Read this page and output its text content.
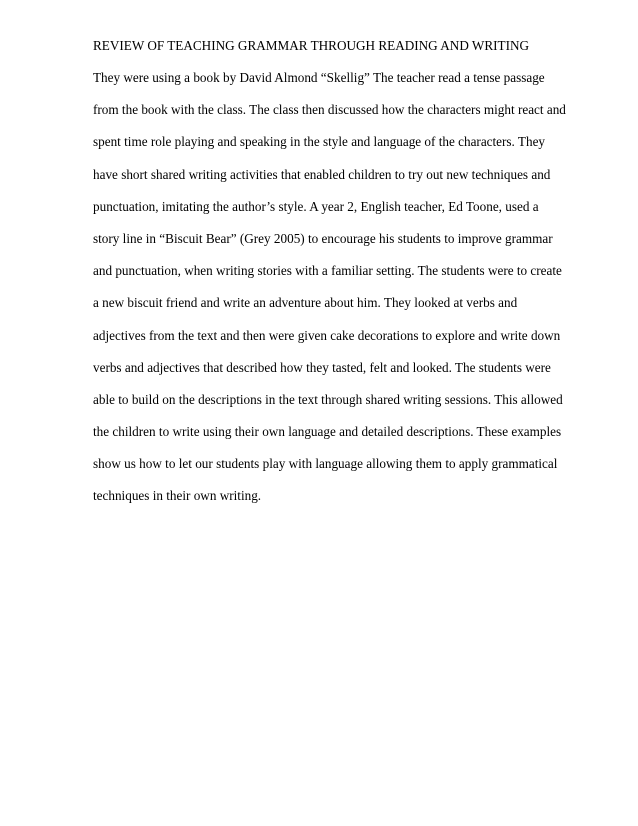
REVIEW OF TEACHING GRAMMAR THROUGH READING AND WRITING
They were using a book by David Almond “Skellig” The teacher read a tense passage
from the book with the class. The class then discussed how the characters might react and
spent time role playing and speaking in the style and language of the characters. They
have short shared writing activities that enabled children to try out new techniques and
punctuation, imitating the author’s style. A year 2, English teacher, Ed Toone, used a
story line in “Biscuit Bear” (Grey 2005) to encourage his students to improve grammar
and punctuation, when writing stories with a familiar setting. The students were to create
a new biscuit friend and write an adventure about him. They looked at verbs and
adjectives from the text and then were given cake decorations to explore and write down
verbs and adjectives that described how they tasted, felt and looked. The students were
able to build on the descriptions in the text through shared writing sessions. This allowed
the children to write using their own language and detailed descriptions. These examples
show us how to let our students play with language allowing them to apply grammatical
techniques in their own writing.
